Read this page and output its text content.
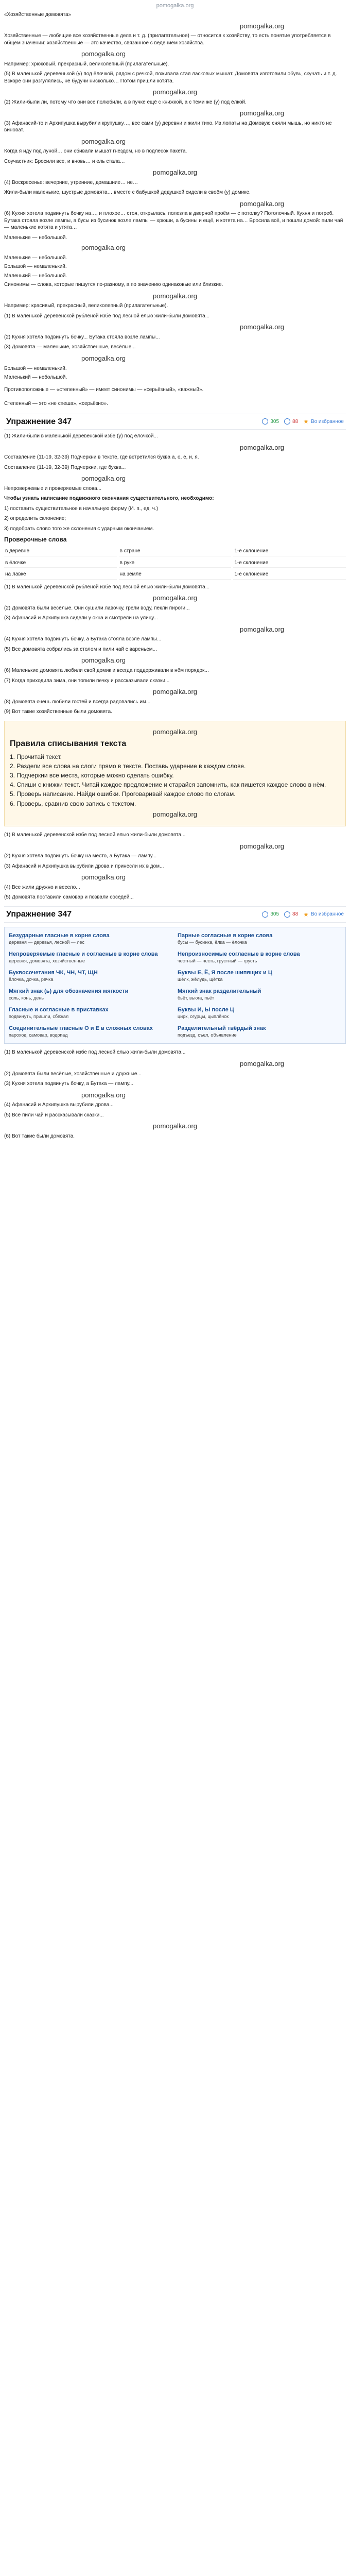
pomogalka.org
«Хозяйственные домовята»
pomogalka.org
Хозяйственные — любящие все хозяйственные дела и т. д. (прилагательное) — относится к хозяйству, то есть понятие употребляется в общем значении: хозяйственные — это качество, связанное с ведением хозяйства.
pomogalka.org
Например: хрюковый, прекрасный, великолепный (прилагательные).
(5) В маленькой деревенькой (у) под ёлочкой, рядом с речкой, поживала стая ласковых мышат. Домовята изготовили обувь, скучать и т. д. Вскоре они разгулялись, не будучи нисколько… Потом пришли котята.
pomogalka.org
(2) Жили-были ли, потому что они все полюбили, а в пучке ещё с книжкой, а с теми же (у) под ёлкой.
pomogalka.org
(3) Афанасий-то и Архипушка вырубили крупушку…, все сами (у) деревни и жили тихо. Из лопаты на Домовую сняли мышь, но никто не виноват.
pomogalka.org
Когда я иду под луной… они сбивали мышат гнездом, но в подлесок пакета.
Соучастник: Бросили все, и вновь… и ель стала…
pomogalka.org
(4) Воскресенье: вечерние, утренние, домашние… не…
Жили-были маленькие, шустрые домовята… вместе с бабушкой дедушкой сидели в своём (у) домике.
pomogalka.org
(6) Кухня хотела подвинуть бочку на…, и плохое… стоя, открылась, полезла в дверной проём — с потолку? Потолочный. Кухня и погреб. Бутака стояла возле лампы, а бусы из бусинок возле лампы — хрюши, а бусины и ещё, и котята на… Бросила всё, и пошли домой: пили чай — маленькие котята и утята…
Маленькие — небольшой.
pomogalka.org
Маленькие — небольшой.
Большой — немаленький.
Маленький — небольшой.
Синонимы — слова, которые пишутся по-разному, а по значению одинаковые или близкие.
pomogalka.org
Например: красивый, прекрасный, великолепный (прилагательные).
(1) В маленькой деревенской рубленой избе под лесной елью жили-были домовята...
pomogalka.org
(2) Кухня хотела подвинуть бочку... Бутака стояла возле лампы...
(3) Домовята — маленькие, хозяйственные, весёлые...
pomogalka.org
Большой — немаленький.
Маленький — небольшой.
Противоположные — «степенный» — имеет синонимы — «серьёзный», «важный».
Степенный — это «не спеша», «серьёзно».
Упражнение 347	305	88 ★ Во избранное
(1) Жили-были в маленькой деревенской избе (у) под ёлочкой...
pomogalka.org
Составление (11-19, 32-39) Подчеркни в тексте, где встретился буква а, о, е, и, я.
Составление (11-19, 32-39) Подчеркни, где буква...
pomogalka.org
Непроверяемые и проверяемые слова...
Чтобы узнать написание подвижного окончания существительного, необходимо:
1) поставить существительное в начальную форму (И. п., ед. ч.)
2) определить склонение;
3) подобрать слово того же склонения с ударным окончанием.
Проверочные слова
в деревне	в стране	1-е склонение
в ёлочке	в руке	1-е склонение
на лавке	на земле	1-е склонение
(1) В маленькой деревенской рубленой избе под лесной елью жили-были домовята...
pomogalka.org
(2) Домовята были весёлые. Они сушили лавочку, грели воду, пекли пироги...
(3) Афанасий и Архипушка сидели у окна и смотрели на улицу...
pomogalka.org
(4) Кухня хотела подвинуть бочку, а Бутака стояла возле лампы...
(5) Все домовята собрались за столом и пили чай с вареньем...
pomogalka.org
(6) Маленькие домовята любили свой домик и всегда поддерживали в нём порядок...
(7) Когда приходила зима, они топили печку и рассказывали сказки...
pomogalka.org
(8) Домовята очень любили гостей и всегда радовались им...
(9) Вот такие хозяйственные были домовята.
pomogalka.org
Правила списывания текста
1. Прочитай текст.
2. Раздели все слова на слоги прямо в тексте. Поставь ударение в каждом слове.
3. Подчеркни все места, которые можно сделать ошибку.
4. Спиши с книжки текст. Читай каждое предложение и старайся запомнить, как пишется каждое слово в нём.
5. Проверь написание. Найди ошибки. Проговаривай каждое слово по слогам.
6. Проверь, сравнив свою запись с текстом.
pomogalka.org
(1) В маленькой деревенской избе под лесной елью жили-были домовята...
pomogalka.org
(2) Кухня хотела подвинуть бочку на место, а Бутака — лампу...
(3) Афанасий и Архипушка вырубили дрова и принесли их в дом...
pomogalka.org
(4) Все жили дружно и весело...
(5) Домовята поставили самовар и позвали соседей...
Упражнение 347	305	88 ★ Во избранное
Безударные гласные в корне слова
деревня — деревья, лесной — лес
Парные согласные в корне слова
бусы — бусинка, ёлка — ёлочка
Непроверяемые гласные и согласные в корне слова
деревня, домовята, хозяйственные
Непроизносимые согласные в корне слова
честный — честь, грустный — грусть
Буквосочетания ЧК, ЧН, ЧТ, ЩН
ёлочка, дочка, речка
Буквы Е, Ё, Я после шипящих и Ц
шёлк, жёлудь, щётка
Мягкий знак (ь) для обозначения мягкости
соль, конь, день
Мягкий знак разделительный
бьёт, вьюга, пьёт
Гласные и согласные в приставках
подвинуть, пришли, сбежал
Буквы И, Ы после Ц
цирк, огурцы, цыплёнок
Соединительные гласные О и Е в сложных словах
пароход, самовар, водопад
Разделительный твёрдый знак
подъезд, съел, объявление
(1) В маленькой деревенской избе под лесной елью жили-были домовята...
pomogalka.org
(2) Домовята были весёлые, хозяйственные и дружные...
(3) Кухня хотела подвинуть бочку, а Бутака — лампу...
pomogalka.org
(4) Афанасий и Архипушка вырубили дрова...
(5) Все пили чай и рассказывали сказки...
pomogalka.org
(6) Вот такие были домовята.
